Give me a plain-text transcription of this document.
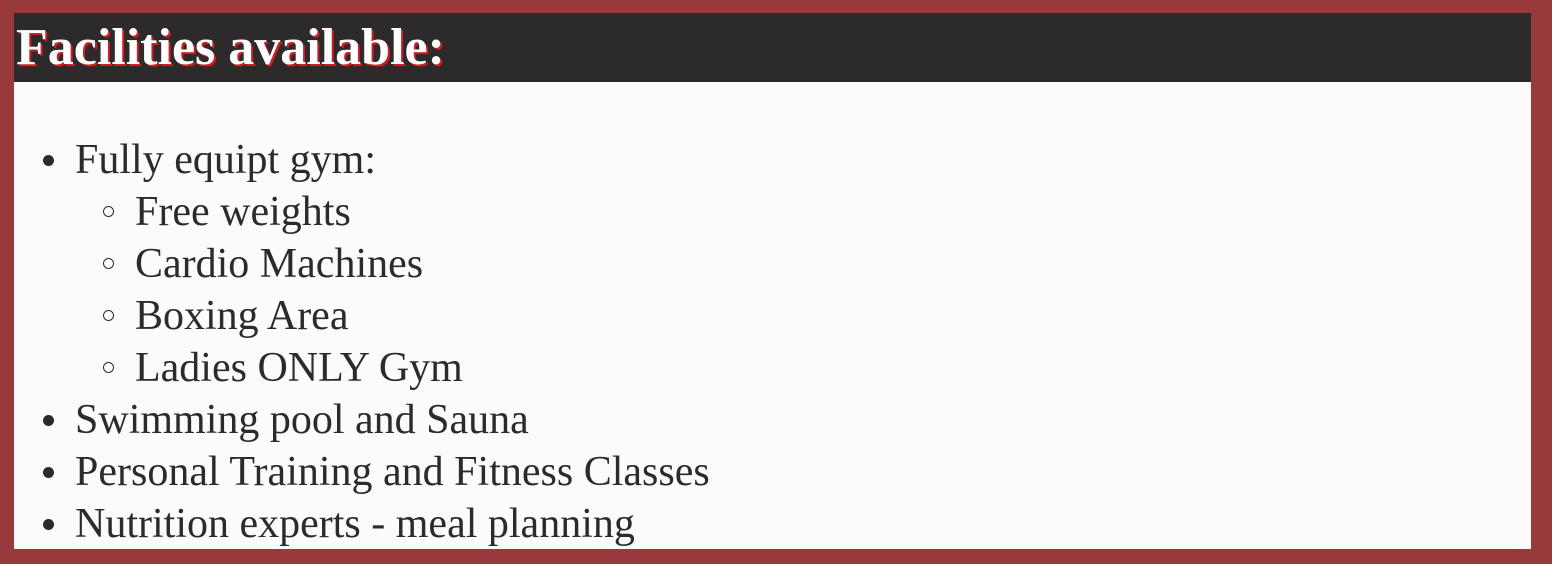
Facilities available:
Fully equipt gym:
Free weights
Cardio Machines
Boxing Area
Ladies ONLY Gym
Swimming pool and Sauna
Personal Training and Fitness Classes
Nutrition experts - meal planning
